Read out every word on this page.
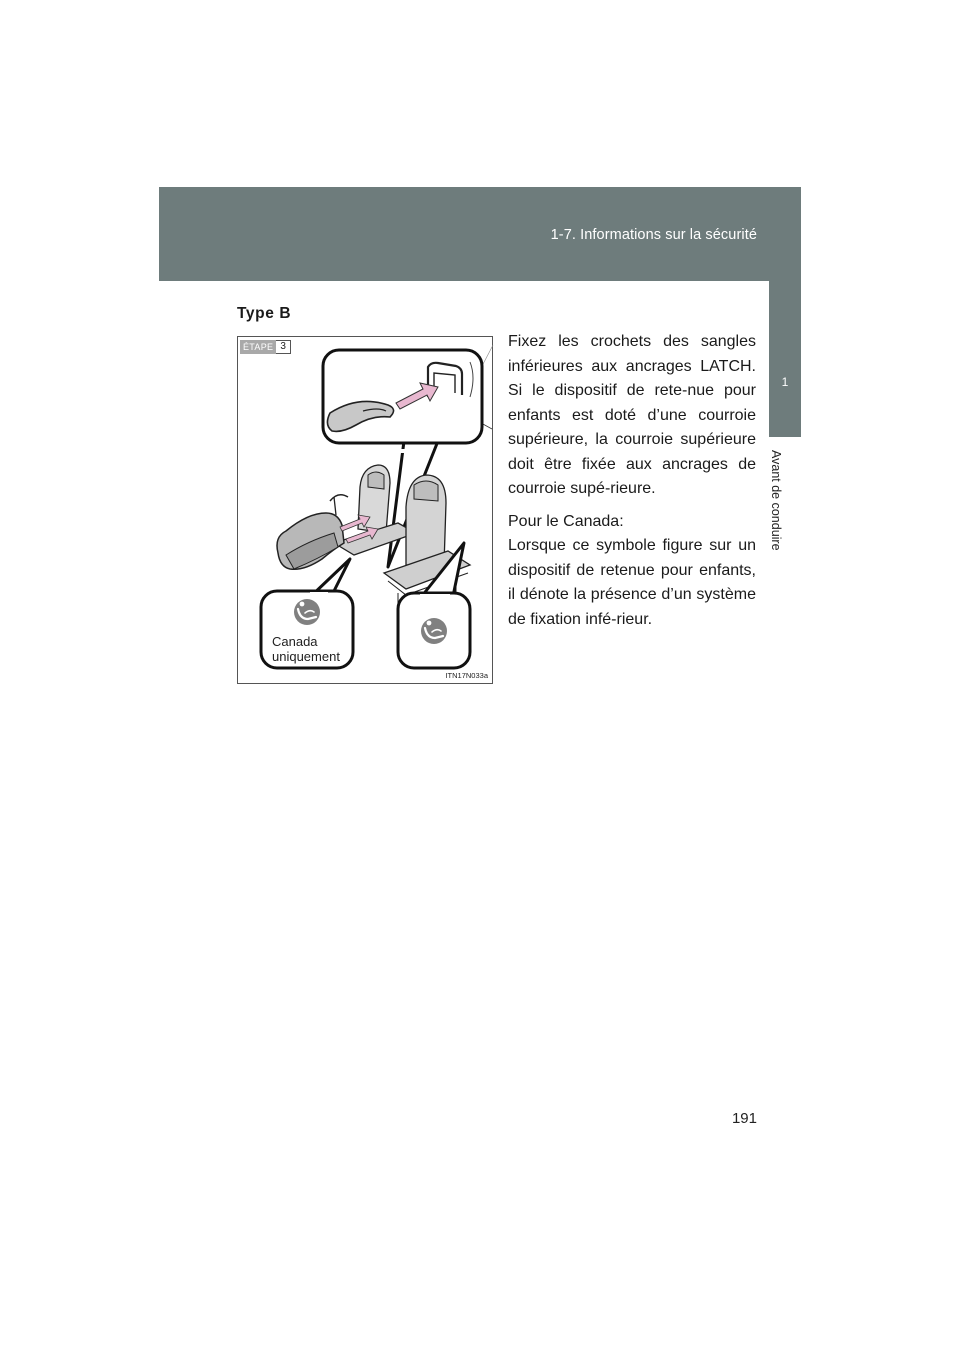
1-7. Informations sur la sécurité
1
Avant de conduire
Type B
ÉTAPE 3
Canada
uniquement
ITN17N033a

Fixez les crochets des sangles inférieures aux ancrages LATCH. Si le dispositif de rete-nue pour enfants est doté d’une courroie supérieure, la courroie supérieure doit être fixée aux ancrages de courroie supé-rieure.

Pour le Canada:

Lorsque ce symbole figure sur un dispositif de retenue pour enfants, il dénote la présence d’un système de fixation infé-rieur.

191
